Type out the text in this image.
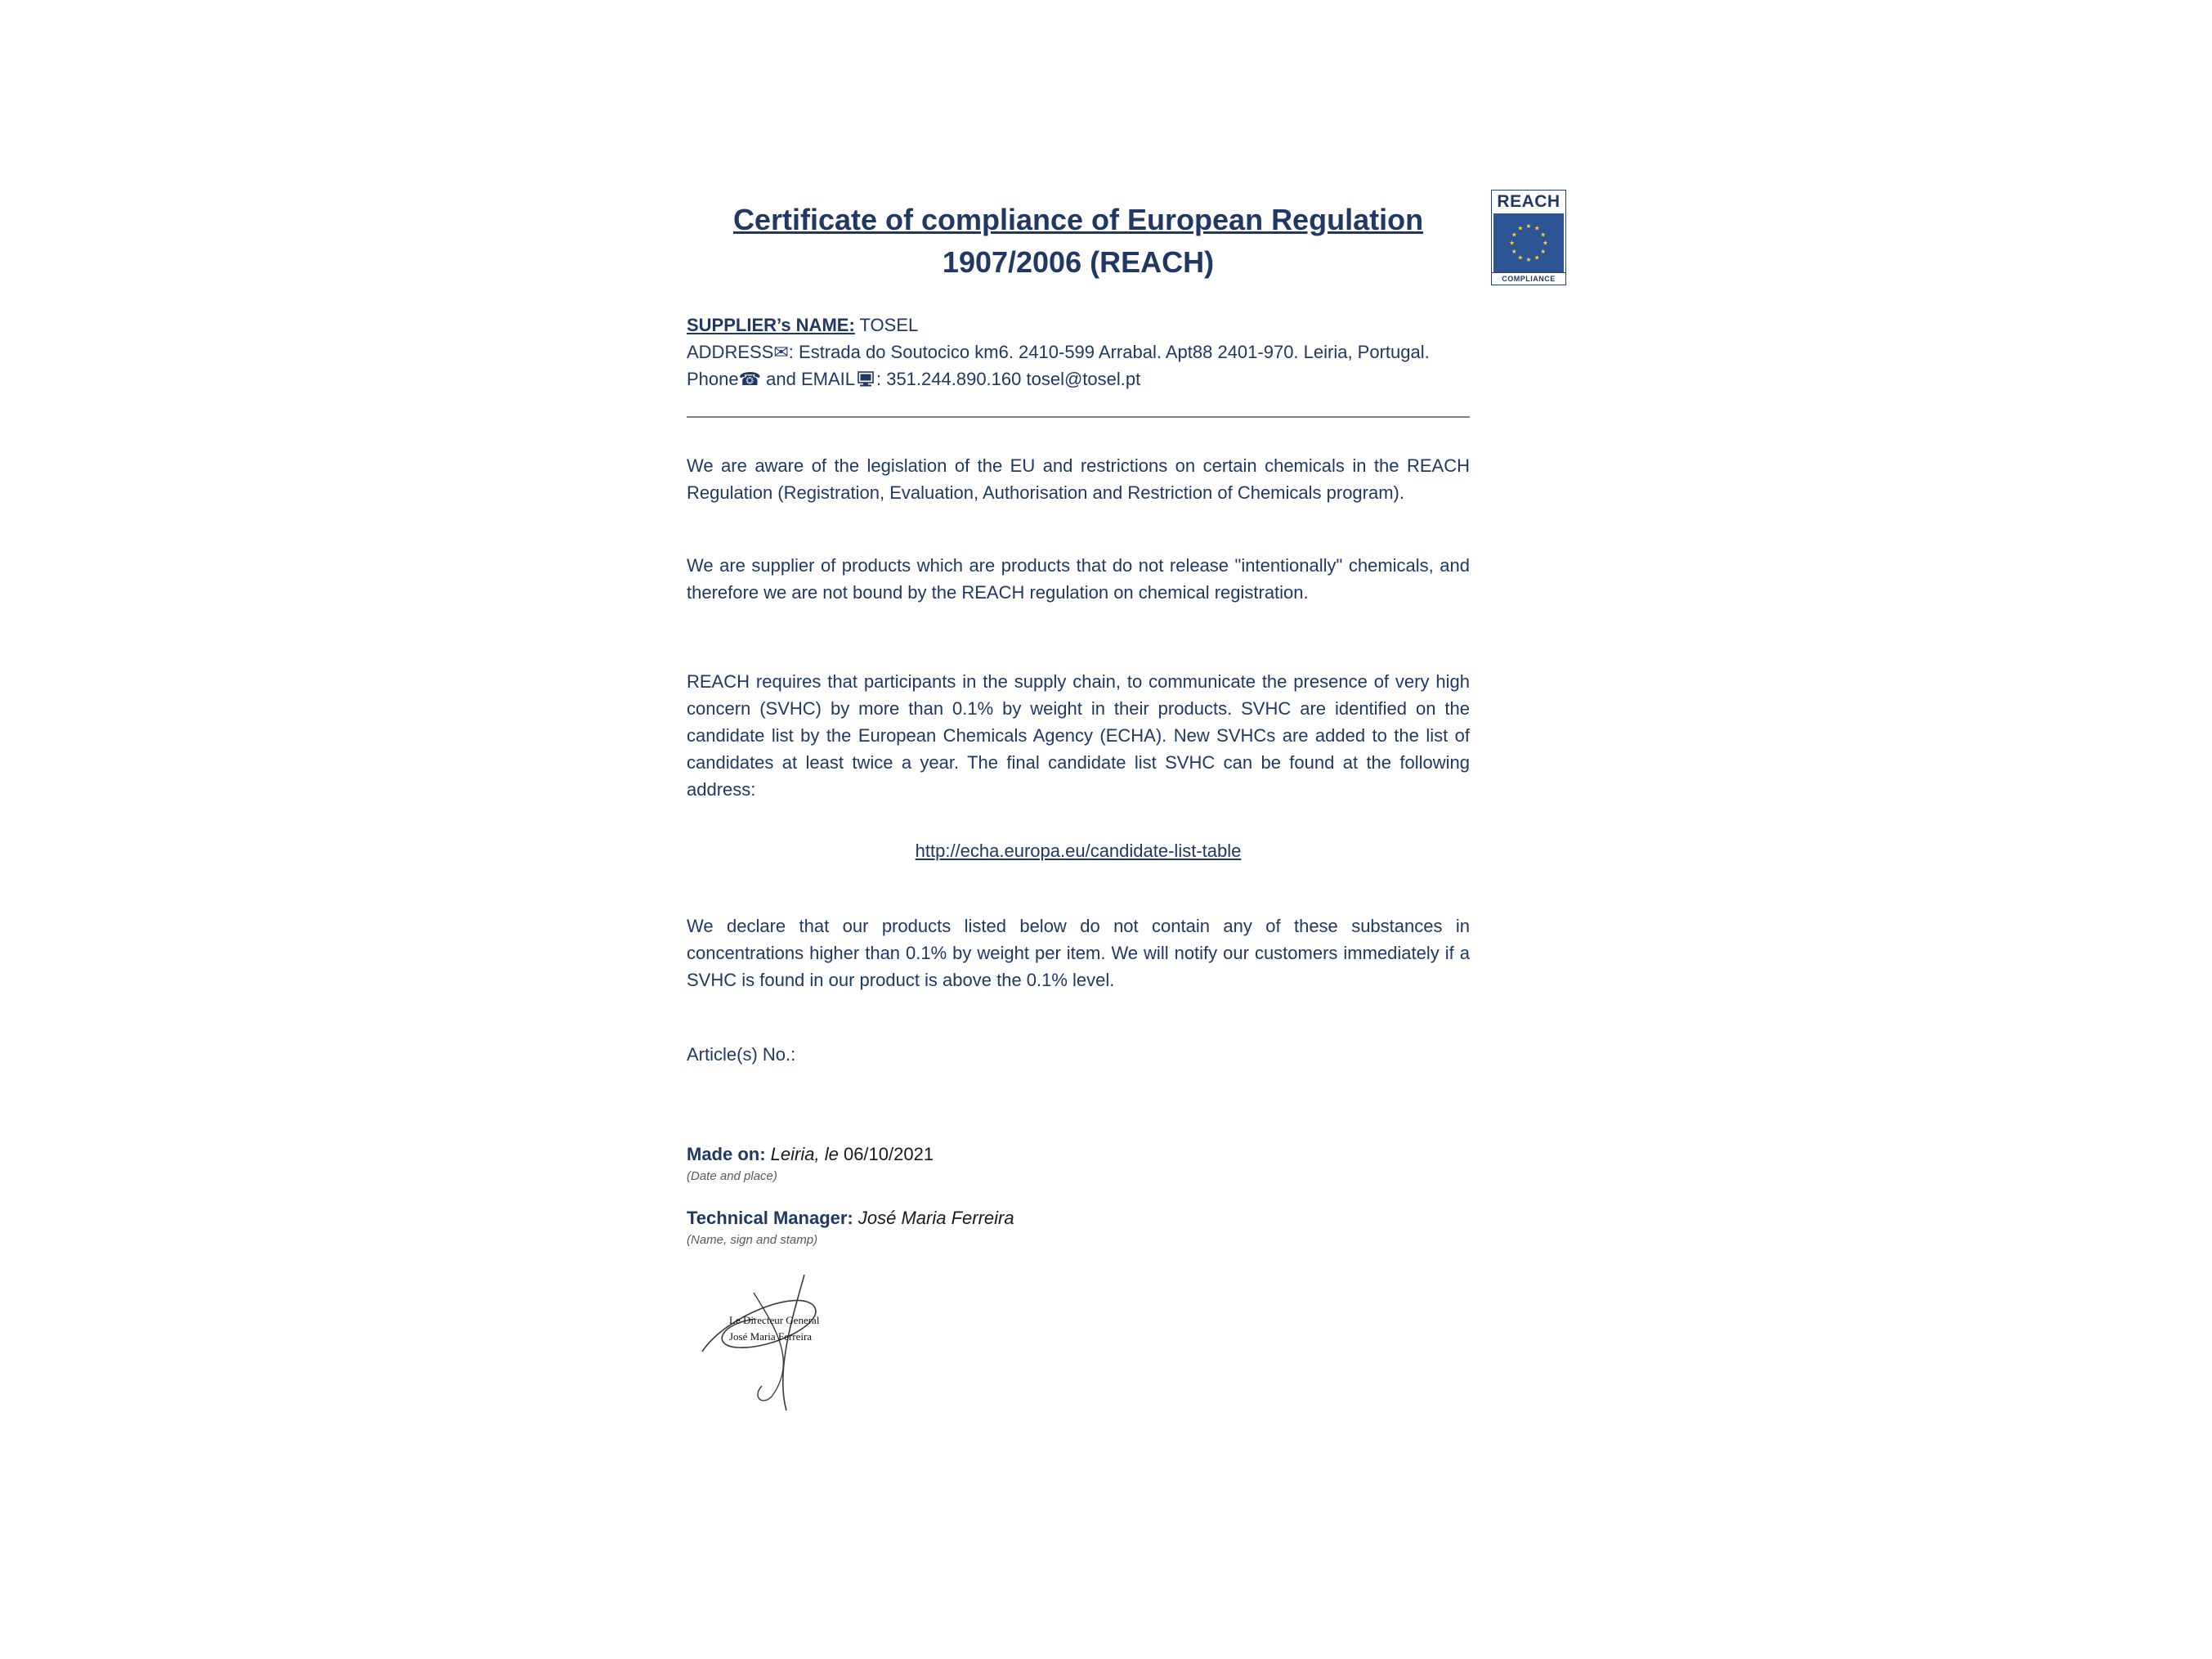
REACH
★ ★
★
★
★
★
★
★
★
★
★
★
COMPLIANCE
Certificate of compliance of European Regulation
1907/2006 (REACH)
SUPPLIER’s NAME: TOSEL
ADDRESS✉: Estrada do Soutocico km6. 2410-599 Arrabal. Apt88 2401-970. Leiria, Portugal.
Phone☎ and EMAIL : 351.244.890.160 tosel@tosel.pt

We are aware of the legislation of the EU and restrictions on certain chemicals in the REACH Regulation (Registration, Evaluation, Authorisation and Restriction of Chemicals program).

We are supplier of products which are products that do not release "intentionally" chemicals, and therefore we are not bound by the REACH regulation on chemical registration.

REACH requires that participants in the supply chain, to communicate the presence of very high concern (SVHC) by more than 0.1% by weight in their products. SVHC are identified on the candidate list by the European Chemicals Agency (ECHA). New SVHCs are added to the list of candidates at least twice a year. The final candidate list SVHC can be found at the following address:

http://echa.europa.eu/candidate-list-table

We declare that our products listed below do not contain any of these substances in concentrations higher than 0.1% by weight per item. We will notify our customers immediately if a SVHC is found in our product is above the 0.1% level.

Article(s) No.:

Made on: Leiria, le 06/10/2021

(Date and place)

Technical Manager: José Maria Ferreira

(Name, sign and stamp)

Le Directeur General
José Maria Ferreira
